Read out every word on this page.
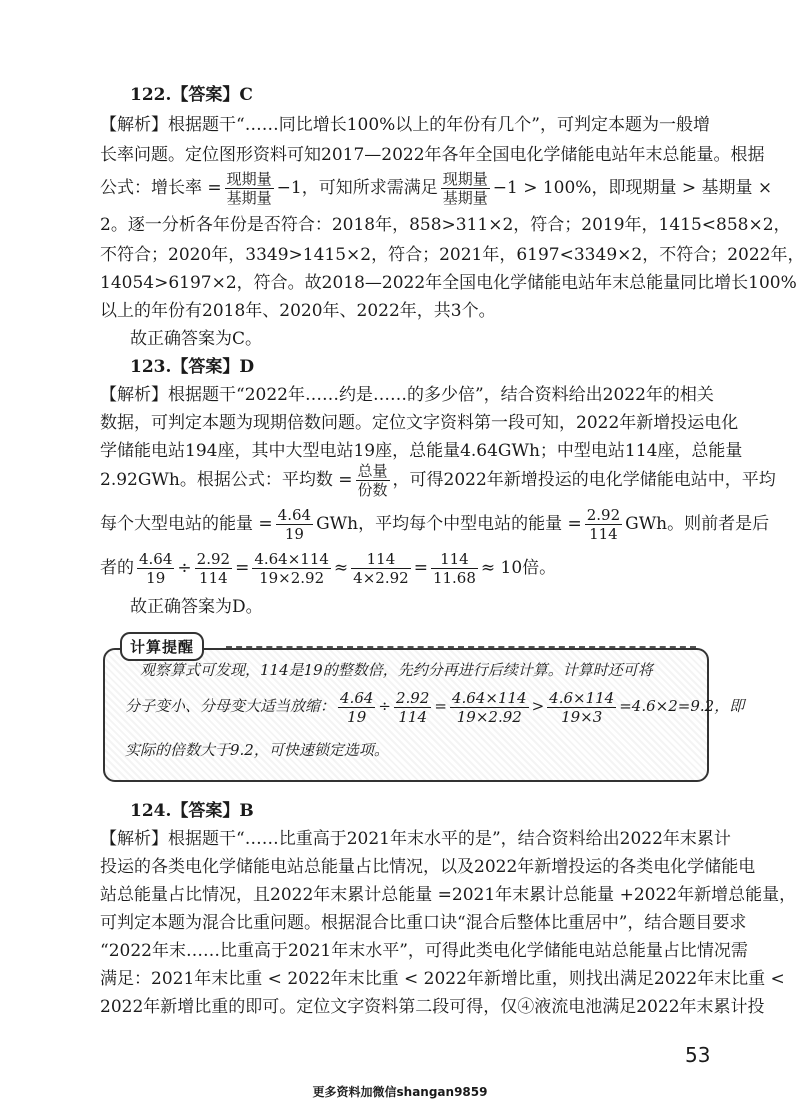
122.【答案】C
【解析】根据题干“……同比增长100%以上的年份有几个”，可判定本题为一般增
长率问题。定位图形资料可知2017—2022年各年全国电化学储能电站年末总能量。根据
公式：增长率 = $\frac{\text{现期量}}{\text{基期量}} -1$，可知所求需满足 $\frac{\text{现期量}}{\text{基期量}} -1 > 100\%$，即现期量 > 基期量 ×
2。逐一分析各年份是否符合：2018年，858>311×2，符合；2019年，1415<858×2，
不符合；2020年，3349>1415×2，符合；2021年，6197<3349×2，不符合；2022年，
14054>6197×2，符合。故2018—2022年全国电化学储能电站年末总能量同比增长100%
以上的年份有2018年、2020年、2022年，共3个。
故正确答案为C。
123.【答案】D
【解析】根据题干“2022年……约是……的多少倍”，结合资料给出2022年的相关
数据，可判定本题为现期倍数问题。定位文字资料第一段可知，2022年新增投运电化
学储能电站194座，其中大型电站19座，总能量4.64GWh；中型电站114座，总能量
2.92GWh。根据公式：平均数 = $\frac{\text{总量}}{\text{份数}}$ ，可得2022年新增投运的电化学储能电站中，平均
每个大型电站的能量 = $\frac{4.64}{19}$ GWh，平均每个中型电站的能量 = $\frac{2.92}{114}$ GWh。则前者是后
者的 $\frac{4.64}{19} \div \frac{2.92}{114} = \frac{4.64\times 114}{19\times 2.92} \approx \frac{114}{4\times 2.92} = \frac{114}{11.68} \approx 10$倍。
故正确答案为D。
计算提醒
观察算式可发现，114是19的整数倍，先约分再进行后续计算。计算时还可将
分子变小、分母变大适当放缩： $\frac{4.64}{19} \div \frac{2.92}{114} = \frac{4.64\times 114}{19\times 2.92} > \frac{4.6\times 114}{19\times 3} =4.6\times 2=9.2$，即
实际的倍数大于9.2，可快速锁定选项。
124.【答案】B
【解析】根据题干“……比重高于2021年末水平的是”，结合资料给出2022年末累计
投运的各类电化学储能电站总能量占比情况，以及2022年新增投运的各类电化学储能电
站总能量占比情况，且2022年末累计总能量 =2021年末累计总能量 +2022年新增总能量，
可判定本题为混合比重问题。根据混合比重口诀“混合后整体比重居中”，结合题目要求
“2022年末……比重高于2021年末水平”，可得此类电化学储能电站总能量占比情况需
满足：2021年末比重 < 2022年末比重 < 2022年新增比重，则找出满足2022年末比重 <
2022年新增比重的即可。定位文字资料第二段可得，仅④液流电池满足2022年末累计投
53
更多资料加微信shangan9859
